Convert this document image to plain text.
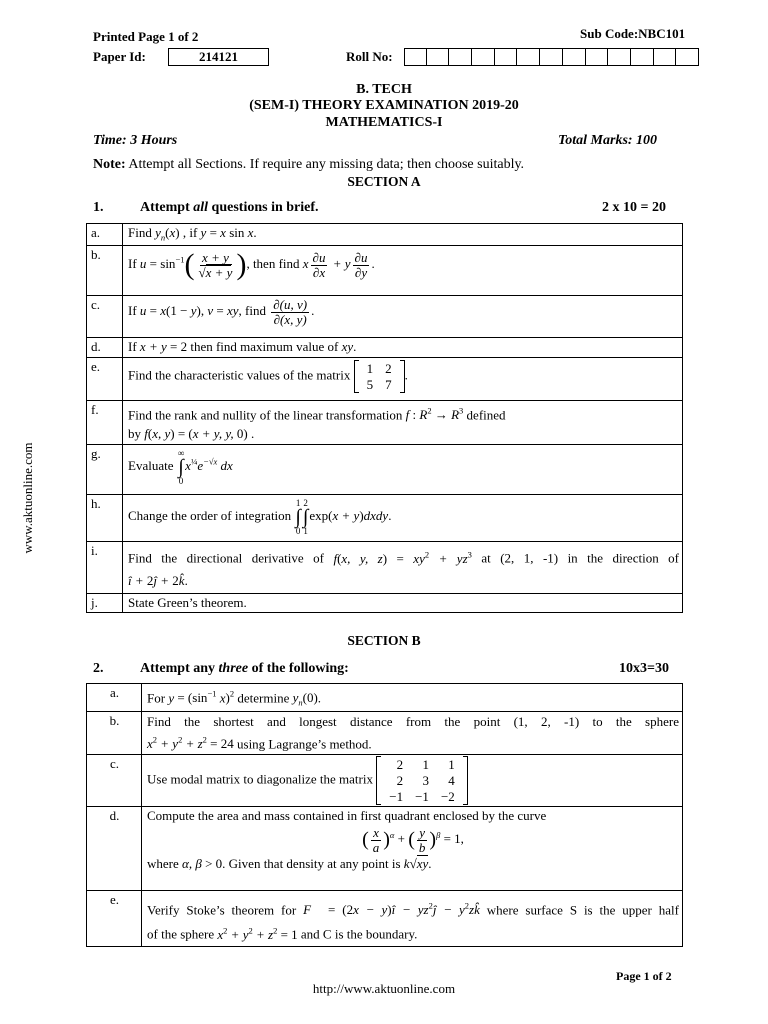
Printed Page 1 of 2	Sub Code:NBC101
Paper Id:	214121	Roll No:
B. TECH
(SEM-I) THEORY EXAMINATION 2019-20
MATHEMATICS-I
Time: 3 Hours	Total Marks: 100
Note: Attempt all Sections. If require any missing data; then choose suitably.
SECTION A
1.	Attempt all questions in brief.	2 x 10 = 20
a.	Find $y_n(x)$ , if y = x sin x.
b.	If $u = \sin^{-1}( \frac{x + y}{√x + y}$ ), then find x $\frac{\partial u}{\partial x} + y \frac{\partial u}{\partial y}$ .
c.	If u = x(1 − y), v = xy, find $\frac{\partial(u, v)}{\partial(x, y)}$ .
d.	If x + y = 2 then find maximum value of xy.
e.	Find the characteristic values of the matrix 1	2
5	7
.
f.	Find the rank and nullity of the linear transformation f : $R^2 \to R^3$ defined
by f(x, y) = (x + y, y, 0) .
g.	Evaluate
∞
∫
0
$x^{\frac{1}{4}}e^{-√x}$ dx
h.	Change the order of integration
1
∫
0
2
∫
1
exp(x + y)dxdy.
i.	Find the directional derivative of f(x, y, $z) = xy^2 + yz^3$ at (2, 1, -1) in the direction of
î + 2ĵ + 2k̂.
j.	State Green’s theorem.
SECTION B
2.	Attempt any three of the following:	10x3=30
a.	For $y = (\sin^{-1}$ x)$^2$ determine $y_n(0)$.
b.	Find the shortest and longest distance from the point (1, 2, -1) to the sphere
$x^2 + y^2 + z^2 = 24$ using Lagrange’s method.
c.	Use modal matrix to diagonalize the matrix
2	1	1
2	3	4
−1	−1	−2

d.	Compute the area and mass contained in first quadrant enclosed by the curve
( $\frac{x}{a} )^\alpha$ + ( $\frac{y}{b} )^\beta = 1$,
where α, β > 0. Given that density at any point is k√xy.

e.	
Verify Stoke’s theorem for F⃗ = (2x − y)î − $yz^2ĵ$ − $y^2zk̂$ where surface S is the upper half
of the sphere $x^2 + y^2 + z^2 = 1$ and C is the boundary.
www.aktuonline.com
Page 1 of 2
http://www.aktuonline.com
